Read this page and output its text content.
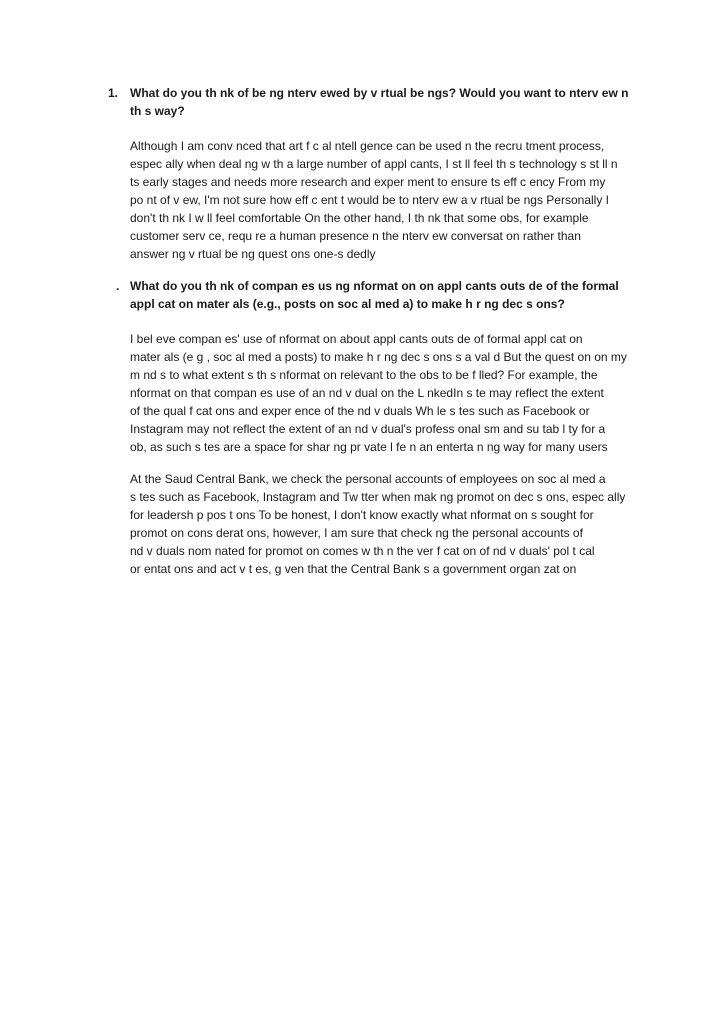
1. What do you th nk of be ng nterv ewed by v rtual be ngs? Would you want to nterv ew n
th s way?
Although I am conv nced that art f c al ntell gence can be used n the recru tment process,
espec ally when deal ng w th a large number of appl cants, I st ll feel th s technology s st ll n
ts early stages and needs more research and exper ment to ensure ts eff c ency From my
po nt of v ew, I'm not sure how eff c ent t would be to nterv ew a v rtual be ngs Personally I
don't th nk I w ll feel comfortable On the other hand, I th nk that some obs, for example
customer serv ce, requ re a human presence n the nterv ew conversat on rather than
answer ng v rtual be ng quest ons one-s dedly
. What do you th nk of compan es us ng nformat on on appl cants outs de of the formal
appl cat on mater als (e.g., posts on soc al med a) to make h r ng dec s ons?
I bel eve compan es' use of nformat on about appl cants outs de of formal appl cat on
mater als (e g , soc al med a posts) to make h r ng dec s ons s a val d But the quest on on my
m nd s to what extent s th s nformat on relevant to the obs to be f lled? For example, the
nformat on that compan es use of an nd v dual on the L nkedIn s te may reflect the extent
of the qual f cat ons and exper ence of the nd v duals Wh le s tes such as Facebook or
Instagram may not reflect the extent of an nd v dual's profess onal sm and su tab l ty for a
ob, as such s tes are a space for shar ng pr vate l fe n an enterta n ng way for many users
At the Saud Central Bank, we check the personal accounts of employees on soc al med a
s tes such as Facebook, Instagram and Tw tter when mak ng promot on dec s ons, espec ally
for leadersh p pos t ons To be honest, I don't know exactly what nformat on s sought for
promot on cons derat ons, however, I am sure that check ng the personal accounts of
nd v duals nom nated for promot on comes w th n the ver f cat on of nd v duals' pol t cal
or entat ons and act v t es, g ven that the Central Bank s a government organ zat on
